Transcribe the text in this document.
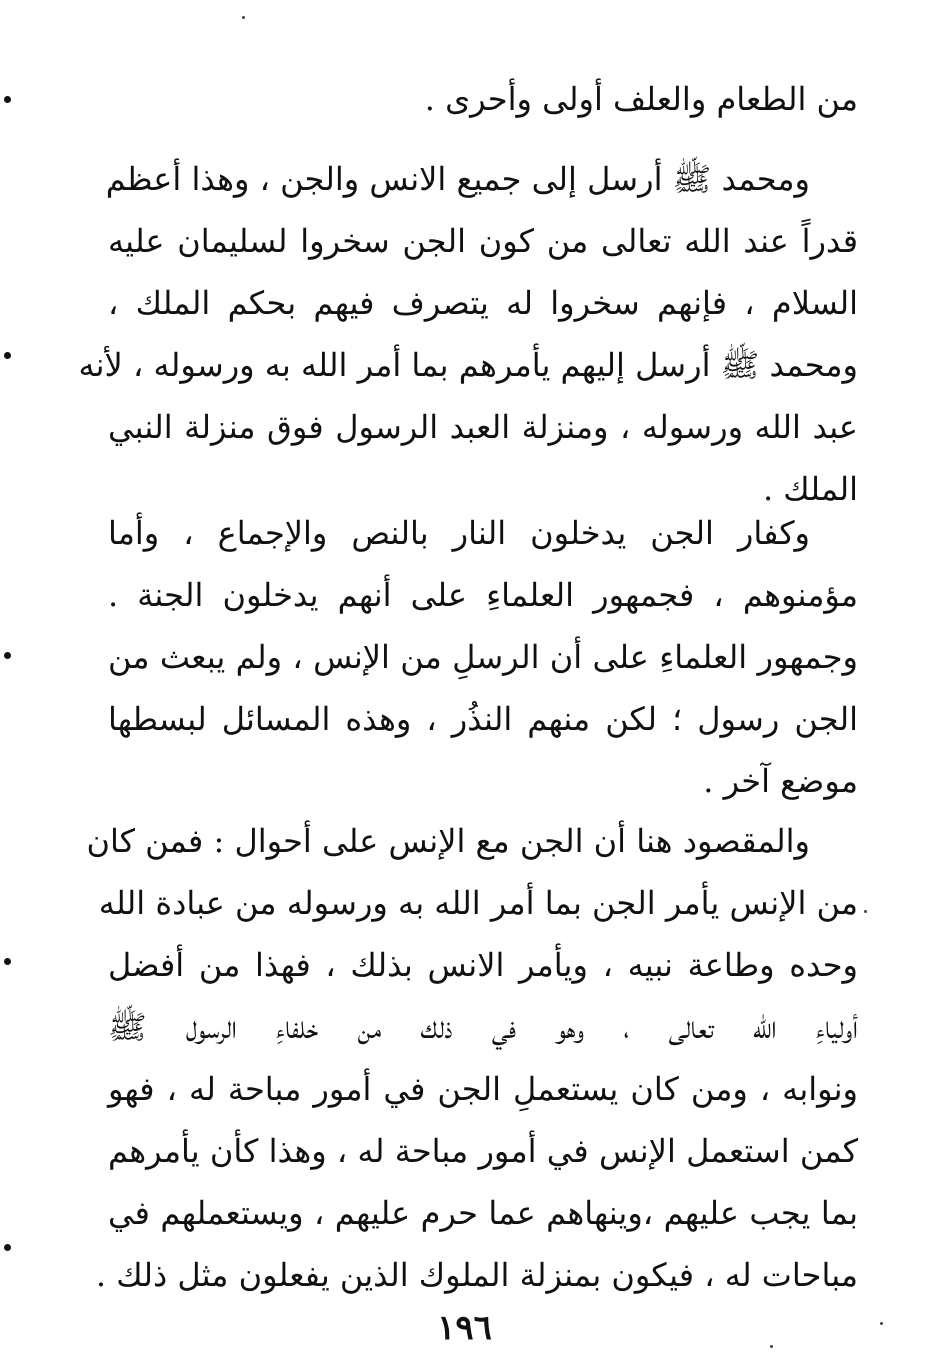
من الطعام والعلف أولى وأحرى .
ومحمد ﷺ أرسل إلى جميع الانس والجن ، وهذا أعظم
قدراً عند الله تعالى من كون الجن سخروا لسليمان عليه
السلام ، فإنهم سخروا له يتصرف فيهم بحكم الملك ،
ومحمد ﷺ أرسل إليهم يأمرهم بما أمر الله به ورسوله ، لأنه
عبد الله ورسوله ، ومنزلة العبد الرسول فوق منزلة النبي
الملك .
وكفار الجن يدخلون النار بالنص والإجماع ، وأما
مؤمنوهم ، فجمهور العلماءِ على أنهم يدخلون الجنة .
وجمهور العلماءِ على أن الرسلِ من الإنس ، ولم يبعث من
الجن رسول ؛ لكن منهم النذُر ، وهذه المسائل لبسطها
موضع آخر .
والمقصود هنا أن الجن مع الإنس على أحوال : فمن كان
من الإنس يأمر الجن بما أمر الله به ورسوله من عبادة الله
وحده وطاعة نبيه ، ويأمر الانس بذلك ، فهذا من أفضل
أولياءِ الله تعالى ، وهو في ذلك من خلفاءِ الرسول ﷺ
ونوابه ، ومن كان يستعملِ الجن في أمور مباحة له ، فهو
كمن استعمل الإنس في أمور مباحة له ، وهذا كأن يأمرهم
بما يجب عليهم ،وينهاهم عما حرم عليهم ، ويستعملهم في
مباحات له ، فيكون بمنزلة الملوك الذين يفعلون مثل ذلك .
١٩٦
